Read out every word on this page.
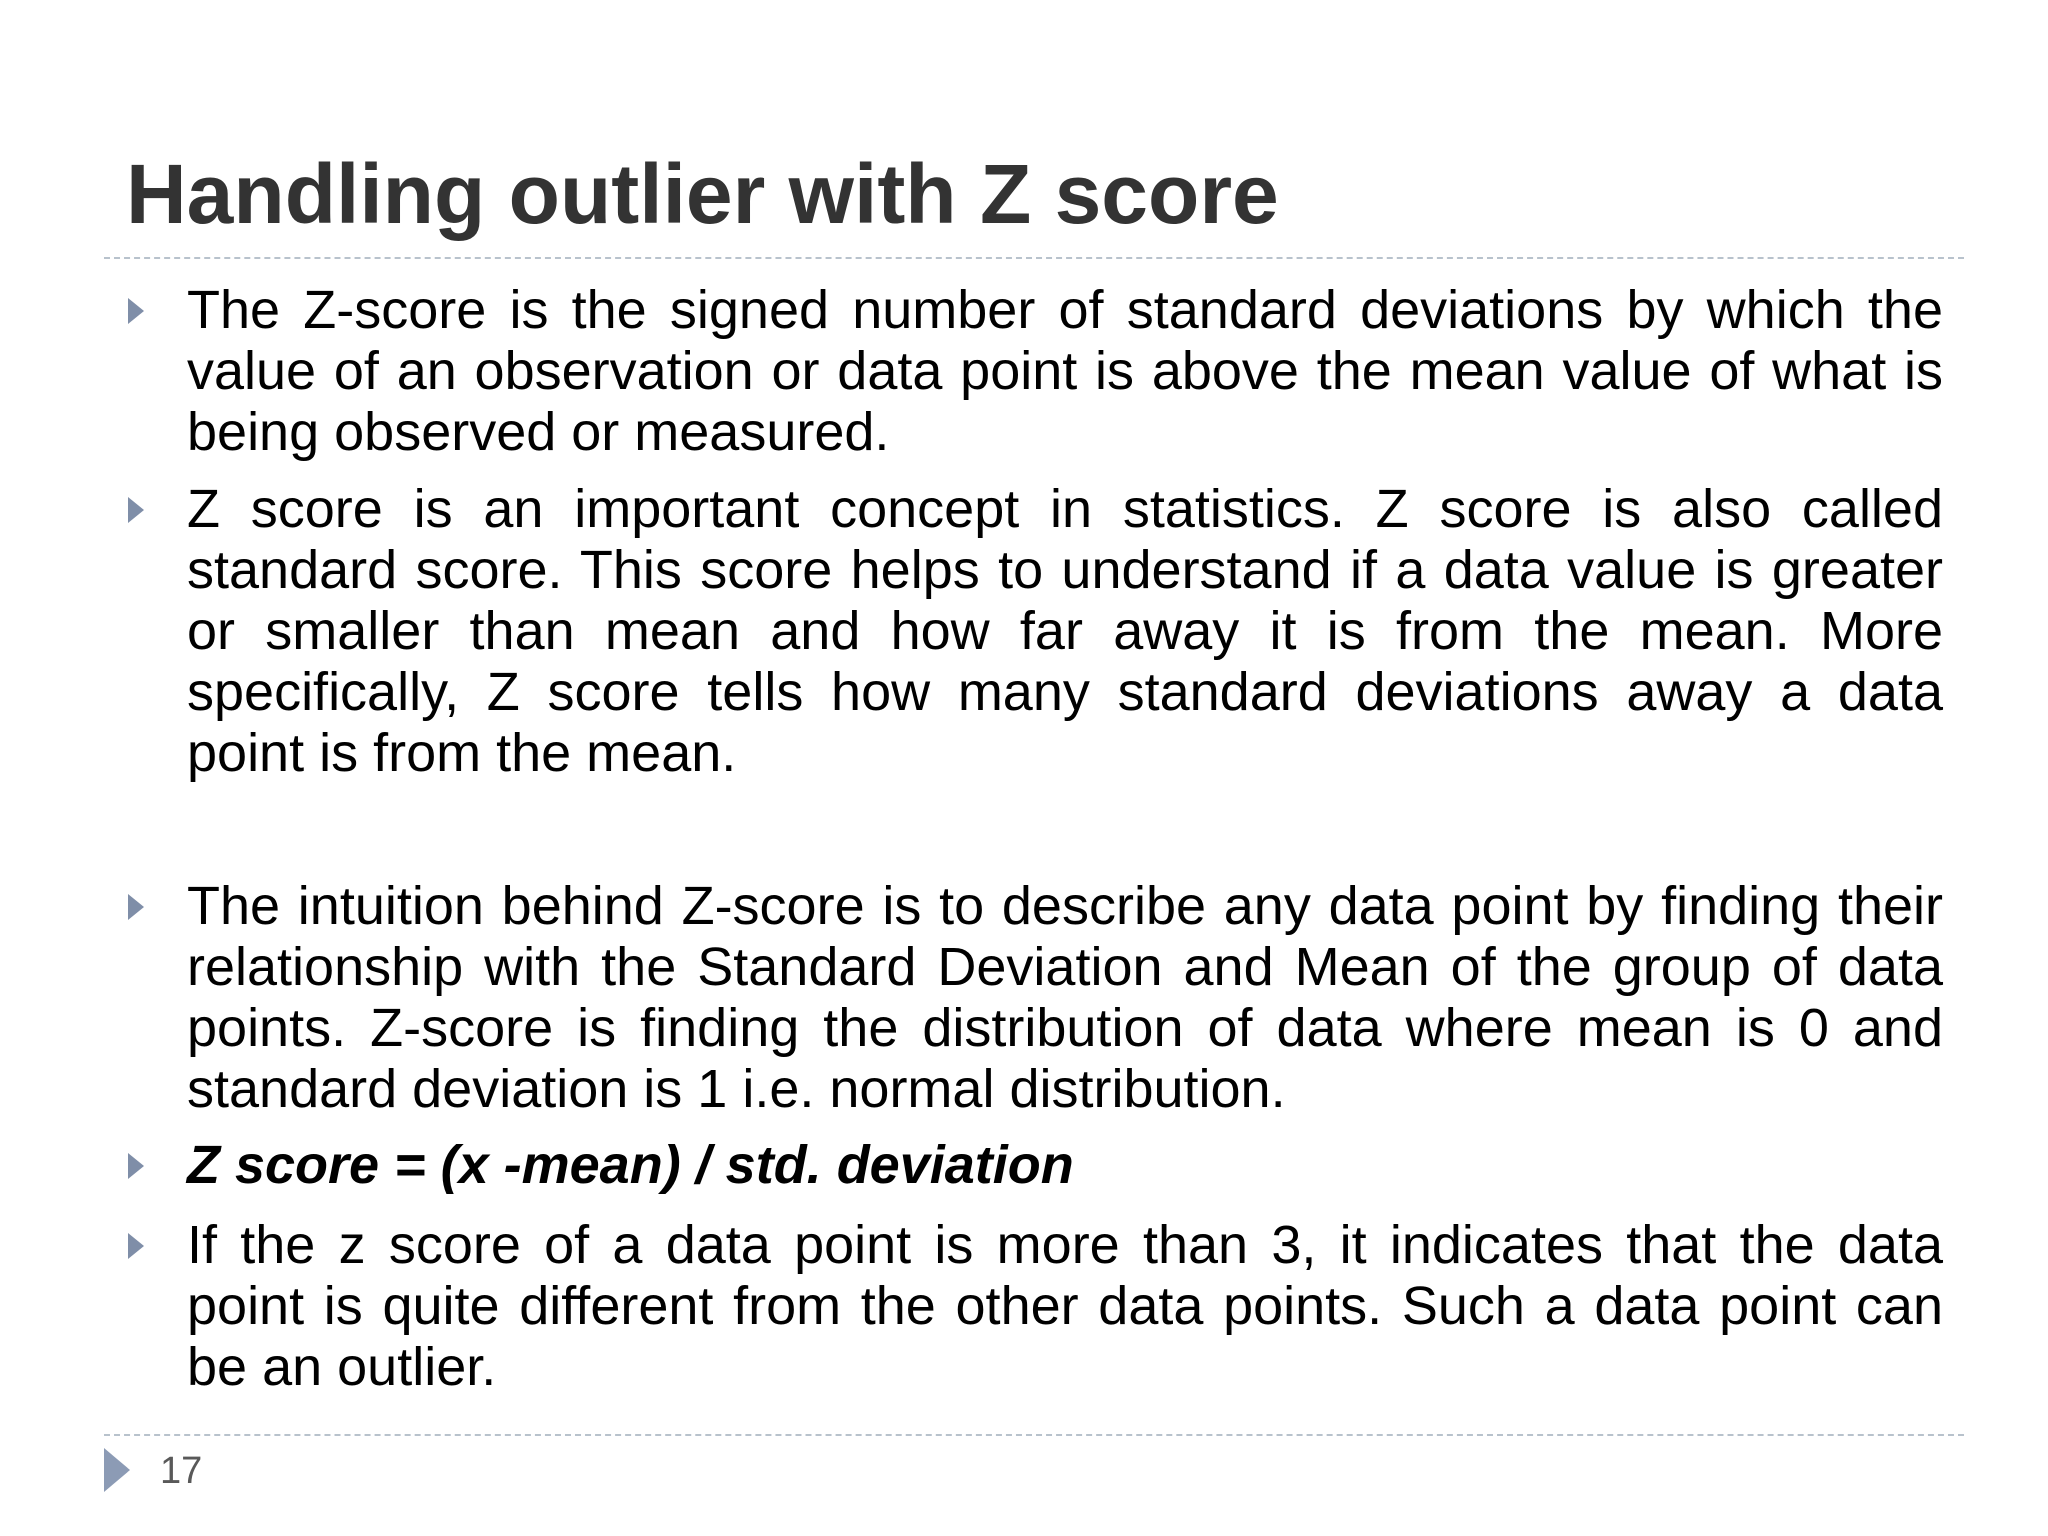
Handling outlier with Z score

The Z-score is the signed number of standard deviations by which the value of an observation or data point is above the mean value of what is being observed or measured.

Z score is an important concept in statistics. Z score is also called standard score. This score helps to understand if a data value is greater or smaller than mean and how far away it is from the mean. More specifically, Z score tells how many standard deviations away a data point is from the mean.

The intuition behind Z-score is to describe any data point by finding their relationship with the Standard Deviation and Mean of the group of data points. Z-score is finding the distribution of data where mean is 0 and standard deviation is 1 i.e. normal distribution.

Z score = (x -mean) / std. deviation

If the z score of a data point is more than 3, it indicates that the data point is quite different from the other data points. Such a data point can be an outlier.

17
